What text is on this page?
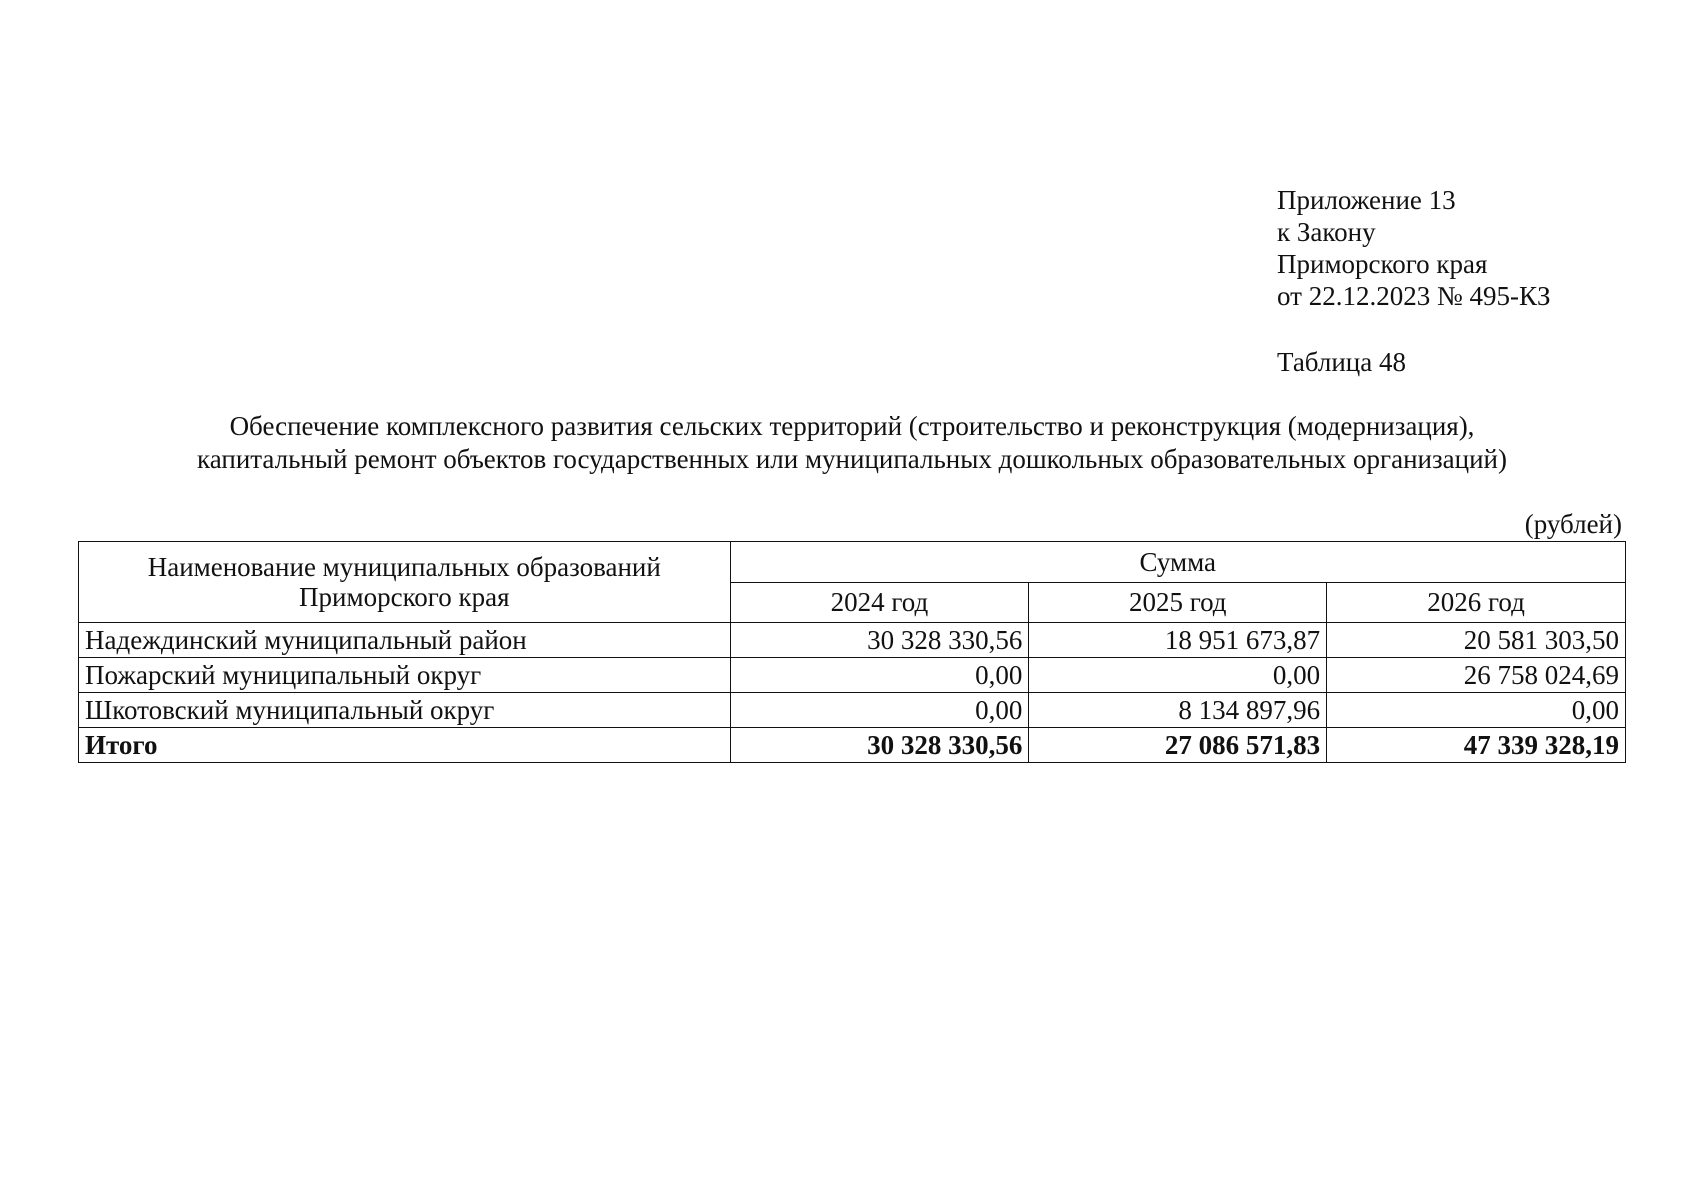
Приложение 13
к Закону
Приморского края
от 22.12.2023 № 495-КЗ
Таблица 48
Обеспечение комплексного развития сельских территорий (строительство и реконструкция (модернизация),
капитальный ремонт объектов государственных или муниципальных дошкольных образовательных организаций)
(рублей)
Наименование муниципальных образований
Приморского края	Сумма		
	2024 год	2025 год	2026 год
Надеждинский муниципальный район	30 328 330,56	18 951 673,87	20 581 303,50
Пожарский муниципальный округ	0,00	0,00	26 758 024,69
Шкотовский муниципальный округ	0,00	8 134 897,96	0,00
Итого	30 328 330,56	27 086 571,83	47 339 328,19
